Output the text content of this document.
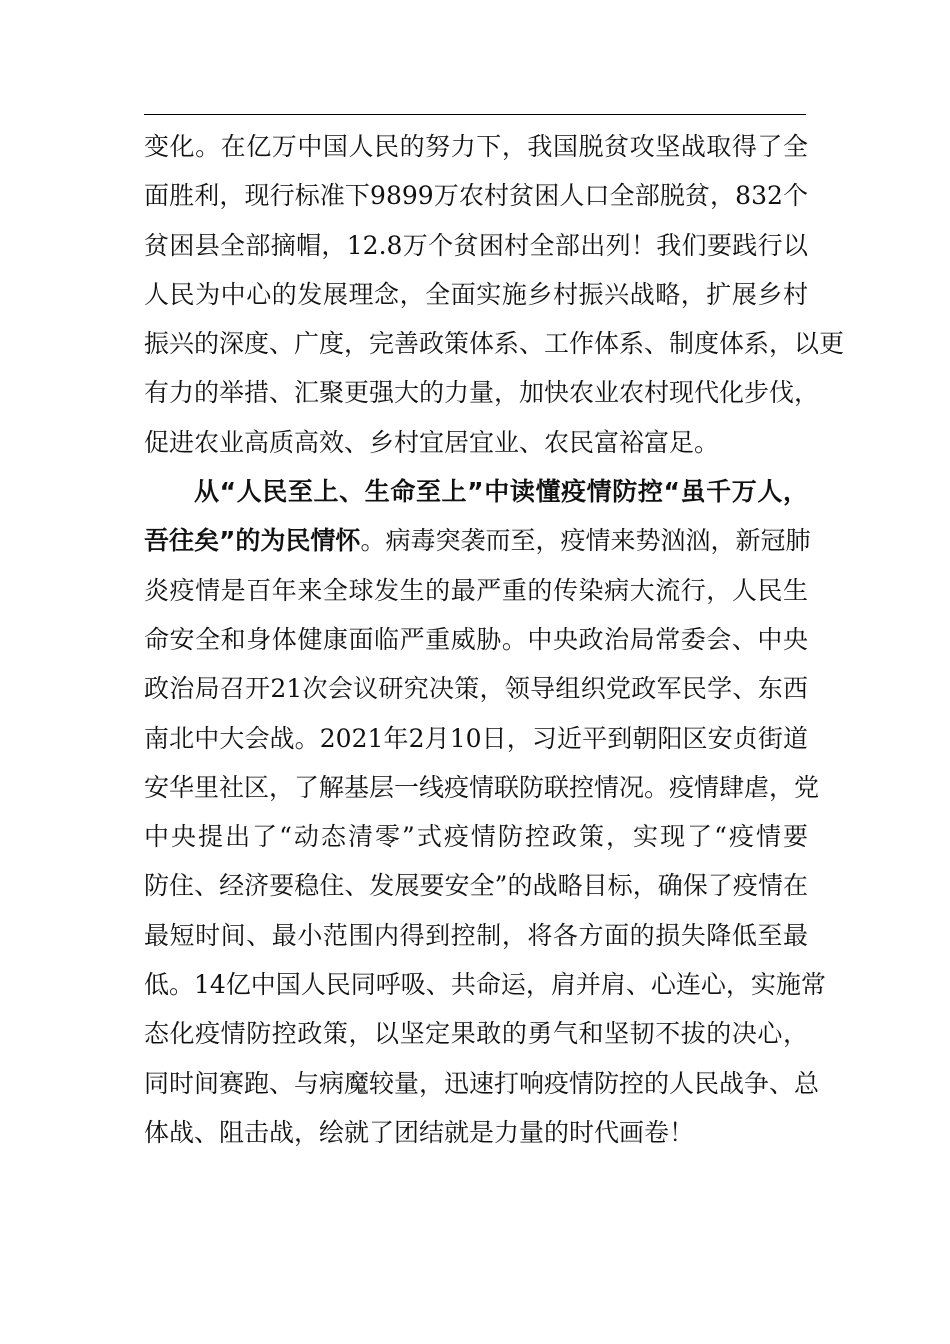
变化。在亿万中国人民的努力下，我国脱贫攻坚战取得了全
面胜利，现行标准下9899万农村贫困人口全部脱贫，832个
贫困县全部摘帽，12.8万个贫困村全部出列！我们要践行以
人民为中心的发展理念，全面实施乡村振兴战略，扩展乡村
振兴的深度、广度，完善政策体系、工作体系、制度体系，以更
有力的举措、汇聚更强大的力量，加快农业农村现代化步伐，
促进农业高质高效、乡村宜居宜业、农民富裕富足。
从“人民至上、生命至上”中读懂疫情防控“虽千万人，
吾往矣”的为民情怀。病毒突袭而至，疫情来势汹汹，新冠肺
炎疫情是百年来全球发生的最严重的传染病大流行，人民生
命安全和身体健康面临严重威胁。中央政治局常委会、中央
政治局召开21次会议研究决策，领导组织党政军民学、东西
南北中大会战。2021年2月10日，习近平到朝阳区安贞街道
安华里社区，了解基层一线疫情联防联控情况。疫情肆虐，党
中央提出了“动态清零”式疫情防控政策，实现了“疫情要
防住、经济要稳住、发展要安全”的战略目标，确保了疫情在
最短时间、最小范围内得到控制，将各方面的损失降低至最
低。14亿中国人民同呼吸、共命运，肩并肩、心连心，实施常
态化疫情防控政策，以坚定果敢的勇气和坚韧不拔的决心，
同时间赛跑、与病魔较量，迅速打响疫情防控的人民战争、总
体战、阻击战，绘就了团结就是力量的时代画卷！
